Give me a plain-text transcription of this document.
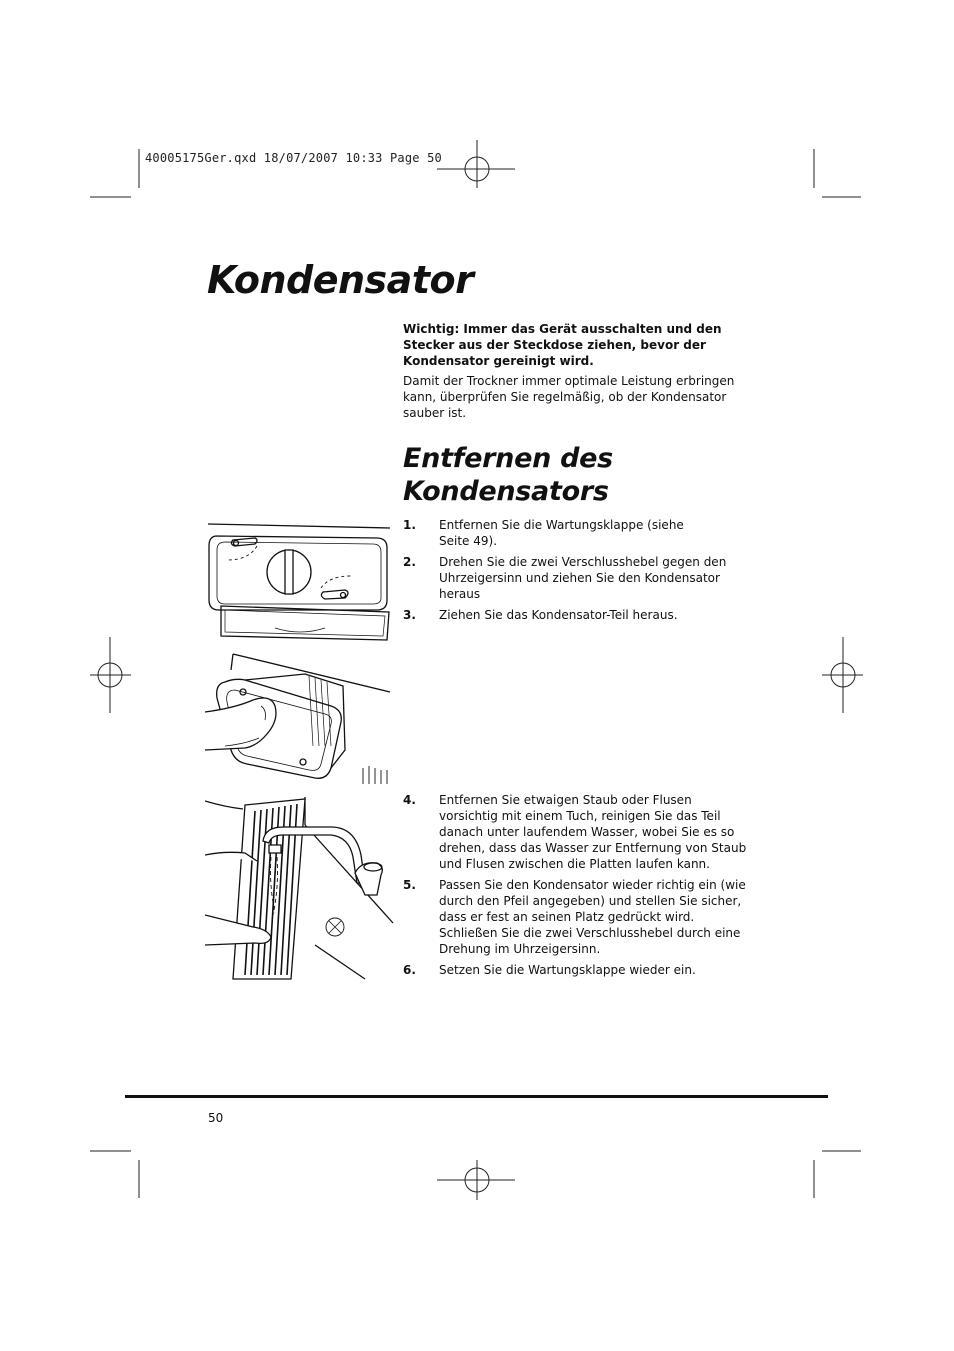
40005175Ger.qxd 18/07/2007 10:33 Page 50
Kondensator

Wichtig: Immer das Gerät ausschalten und den Stecker aus der Steckdose ziehen, bevor der Kondensator gereinigt wird.

Damit der Trockner immer optimale Leistung erbringen kann, überprüfen Sie regelmäßig, ob der Kondensator sauber ist.

Entfernen des Kondensators
1.	Entfernen Sie die Wartungsklappe (siehe Seite 49).
2.	Drehen Sie die zwei Verschlusshebel gegen den Uhrzeigersinn und ziehen Sie den Kondensator heraus
3.	Ziehen Sie das Kondensator-Teil heraus.
4.	Entfernen Sie etwaigen Staub oder Flusen vorsichtig mit einem Tuch, reinigen Sie das Teil danach unter laufendem Wasser, wobei Sie es so drehen, dass das Wasser zur Entfernung von Staub und Flusen zwischen die Platten laufen kann.
5.	Passen Sie den Kondensator wieder richtig ein (wie durch den Pfeil angegeben) und stellen Sie sicher, dass er fest an seinen Platz gedrückt wird. Schließen Sie die zwei Verschlusshebel durch eine Drehung im Uhrzeigersinn.
6.	Setzen Sie die Wartungsklappe wieder ein.
50
